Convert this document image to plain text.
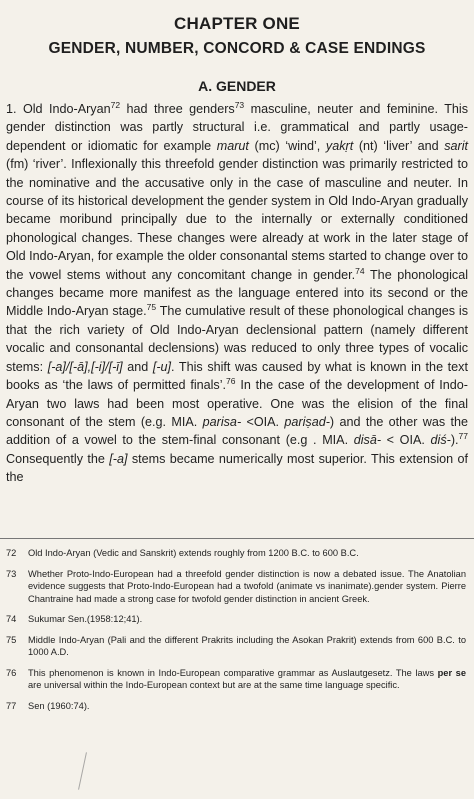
CHAPTER ONE
GENDER, NUMBER, CONCORD & CASE ENDINGS
A. GENDER

1. Old Indo-Aryan$^{72}$ had three genders$^{73}$ masculine, neuter and feminine. This gender distinction was partly structural i.e. grammatical and partly usage-dependent or idiomatic for example marut (mc) ‘wind’, yakṛt (nt) ‘liver’ and sarit (fm) ‘river’. Inflexionally this threefold gender distinction was primarily restricted to the nominative and the accusative only in the case of masculine and neuter. In course of its historical development the gender system in Old Indo-Aryan gradually became moribund principally due to the internally or externally conditioned phonological changes. These changes were already at work in the later stage of Old Indo-Aryan, for example the older consonantal stems started to change over to the vowel stems without any concomitant change in gender.$^{74}$ The phonological changes became more manifest as the language entered into its second or the Middle Indo-Aryan stage.$^{75}$ The cumulative result of these phonological changes is that the rich variety of Old Indo-Aryan declensional pattern (namely different vocalic and consonantal declensions) was reduced to only three types of vocalic stems: [-a]/[-ā],[-i]/[-ī] and [-u]. This shift was caused by what is known in the text books as ‘the laws of permitted finals’.$^{76}$ In the case of the development of Indo-Aryan two laws had been most operative. One was the elision of the final consonant of the stem (e.g. MIA. parisa- <OIA. pariṣad-) and the other was the addition of a vowel to the stem-final consonant (e.g . MIA. disā- < OIA. diś-).$^{77}$ Consequently the [-a] stems became numerically most superior. This extension of the

72	Old Indo-Aryan (Vedic and Sanskrit) extends roughly from 1200 B.C. to 600 B.C.
73	Whether Proto-Indo-European had a threefold gender distinction is now a debated issue. The Anatolian evidence suggests that Proto-Indo-European had a twofold (animate vs inanimate).gender system. Pierre Chantraine had made a strong case for twofold gender distinction in ancient Greek.
74	Sukumar Sen.(1958:12;41).
75	Middle Indo-Aryan (Pali and the different Prakrits including the Asokan Prakrit) extends from 600 B.C. to 1000 A.D.
76	This phenomenon is known in Indo-European comparative grammar as Auslautgesetz. The laws per se are universal within the Indo-European context but are at the same time language specific.
77	Sen (1960:74).
